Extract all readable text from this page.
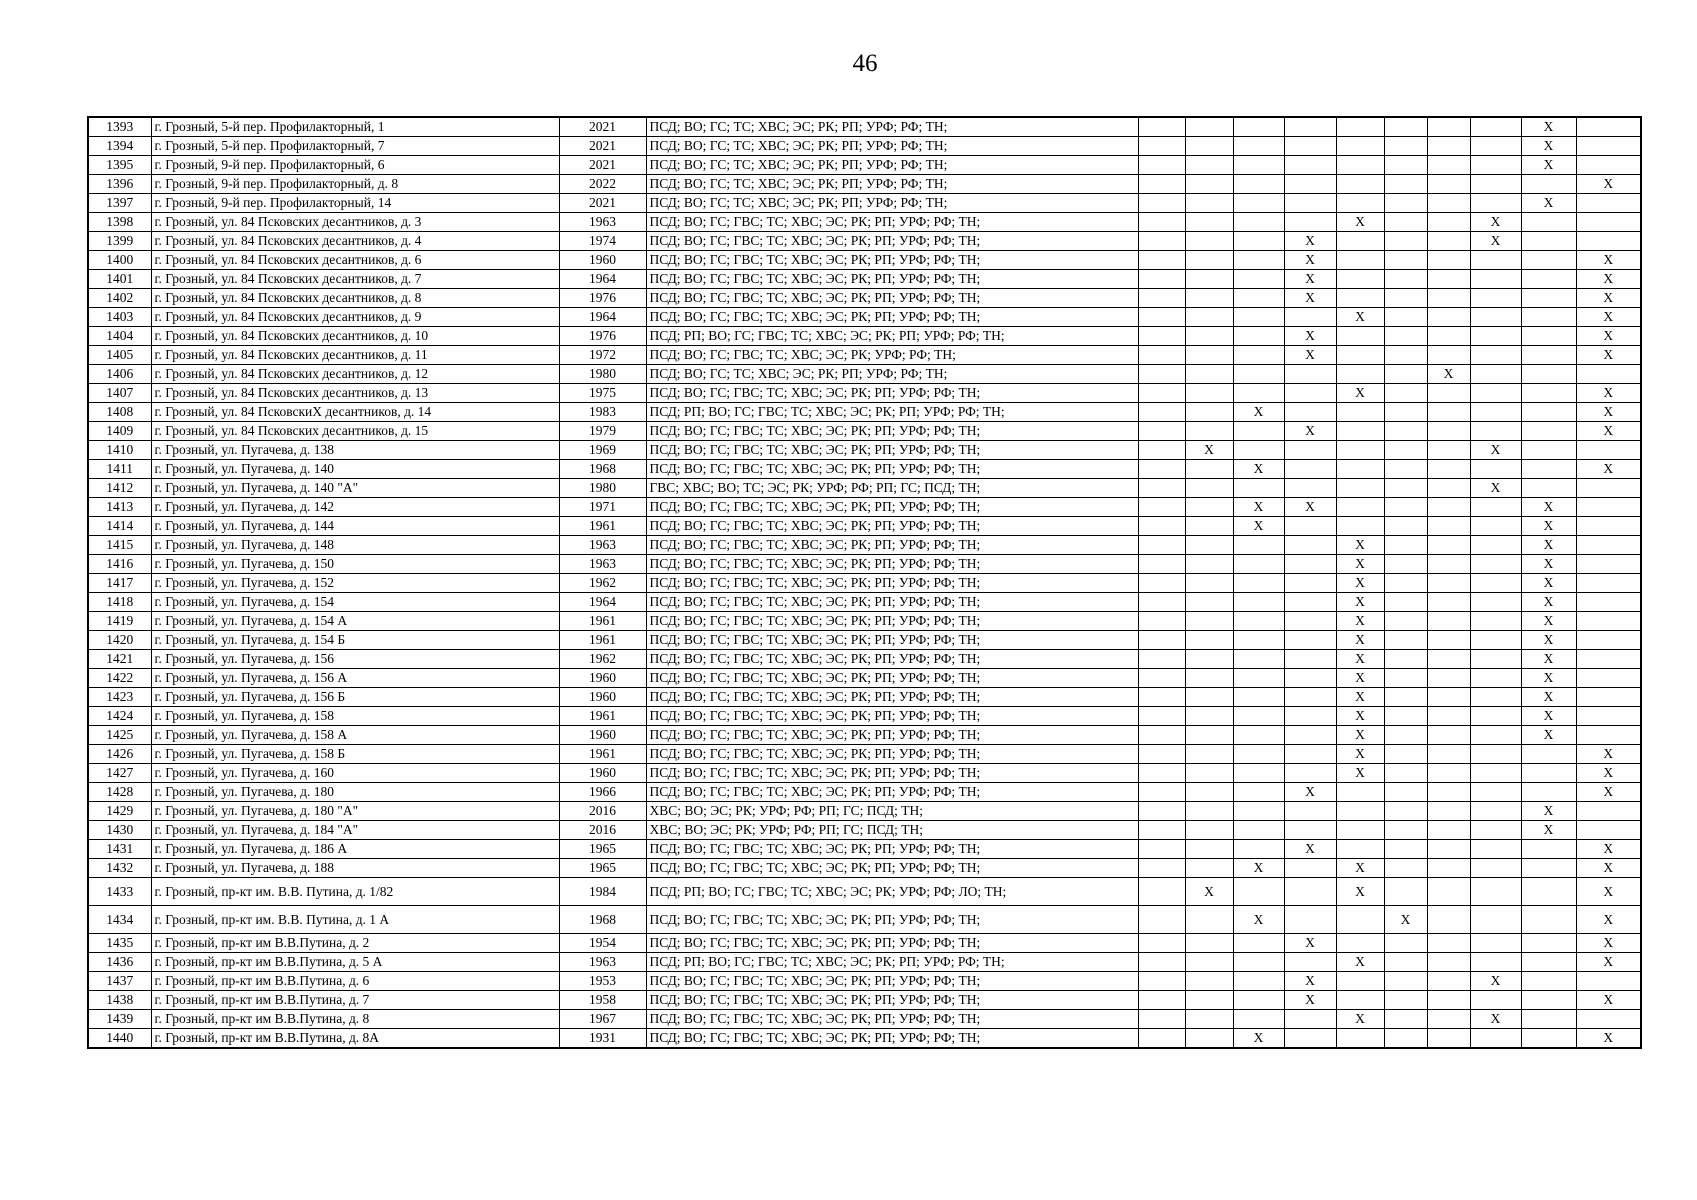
46
1393	г. Грозный, 5-й пер. Профилакторный, 1	2021	ПСД; ВО; ГС; ТС; ХВС; ЭС; РК; РП; УРФ; РФ; ТН;									X	
1394	г. Грозный, 5-й пер. Профилакторный, 7	2021	ПСД; ВО; ГС; ТС; ХВС; ЭС; РК; РП; УРФ; РФ; ТН;									X	
1395	г. Грозный, 9-й пер. Профилакторный, 6	2021	ПСД; ВО; ГС; ТС; ХВС; ЭС; РК; РП; УРФ; РФ; ТН;									X	
1396	г. Грозный, 9-й пер. Профилакторный, д. 8	2022	ПСД; ВО; ГС; ТС; ХВС; ЭС; РК; РП; УРФ; РФ; ТН;										X
1397	г. Грозный, 9-й пер. Профилакторный, 14	2021	ПСД; ВО; ГС; ТС; ХВС; ЭС; РК; РП; УРФ; РФ; ТН;									X	
1398	г. Грозный, ул. 84 Псковских десантников, д. 3	1963	ПСД; ВО; ГС; ГВС; ТС; ХВС; ЭС; РК; РП; УРФ; РФ; ТН;					X			X		
1399	г. Грозный, ул. 84 Псковских десантников, д. 4	1974	ПСД; ВО; ГС; ГВС; ТС; ХВС; ЭС; РК; РП; УРФ; РФ; ТН;				X				X		
1400	г. Грозный, ул. 84 Псковских десантников, д. 6	1960	ПСД; ВО; ГС; ГВС; ТС; ХВС; ЭС; РК; РП; УРФ; РФ; ТН;				X						X
1401	г. Грозный, ул. 84 Псковских десантников, д. 7	1964	ПСД; ВО; ГС; ГВС; ТС; ХВС; ЭС; РК; РП; УРФ; РФ; ТН;				X						X
1402	г. Грозный, ул. 84 Псковских десантников, д. 8	1976	ПСД; ВО; ГС; ГВС; ТС; ХВС; ЭС; РК; РП; УРФ; РФ; ТН;				X						X
1403	г. Грозный, ул. 84 Псковских десантников, д. 9	1964	ПСД; ВО; ГС; ГВС; ТС; ХВС; ЭС; РК; РП; УРФ; РФ; ТН;					X					X
1404	г. Грозный, ул. 84 Псковских десантников, д. 10	1976	ПСД; РП; ВО; ГС; ГВС; ТС; ХВС; ЭС; РК; РП; УРФ; РФ; ТН;				X						X
1405	г. Грозный, ул. 84 Псковских десантников, д. 11	1972	ПСД; ВО; ГС; ГВС; ТС; ХВС; ЭС; РК; УРФ; РФ; ТН;				X						X
1406	г. Грозный, ул. 84 Псковских десантников, д. 12	1980	ПСД; ВО; ГС; ТС; ХВС; ЭС; РК; РП; УРФ; РФ; ТН;							X			
1407	г. Грозный, ул. 84 Псковских десантников, д. 13	1975	ПСД; ВО; ГС; ГВС; ТС; ХВС; ЭС; РК; РП; УРФ; РФ; ТН;					X					X
1408	г. Грозный, ул. 84 ПсковскиХ десантников, д. 14	1983	ПСД; РП; ВО; ГС; ГВС; ТС; ХВС; ЭС; РК; РП; УРФ; РФ; ТН;			X							X
1409	г. Грозный, ул. 84 Псковских десантников, д. 15	1979	ПСД; ВО; ГС; ГВС; ТС; ХВС; ЭС; РК; РП; УРФ; РФ; ТН;				X						X
1410	г. Грозный, ул. Пугачева, д. 138	1969	ПСД; ВО; ГС; ГВС; ТС; ХВС; ЭС; РК; РП; УРФ; РФ; ТН;		X						X		
1411	г. Грозный, ул. Пугачева, д. 140	1968	ПСД; ВО; ГС; ГВС; ТС; ХВС; ЭС; РК; РП; УРФ; РФ; ТН;			X							X
1412	г. Грозный, ул. Пугачева, д. 140 "А"	1980	ГВС; ХВС; ВО; ТС; ЭС; РК; УРФ; РФ; РП; ГС; ПСД; ТН;								X		
1413	г. Грозный, ул. Пугачева, д. 142	1971	ПСД; ВО; ГС; ГВС; ТС; ХВС; ЭС; РК; РП; УРФ; РФ; ТН;			X	X					X	
1414	г. Грозный, ул. Пугачева, д. 144	1961	ПСД; ВО; ГС; ГВС; ТС; ХВС; ЭС; РК; РП; УРФ; РФ; ТН;			X						X	
1415	г. Грозный, ул. Пугачева, д. 148	1963	ПСД; ВО; ГС; ГВС; ТС; ХВС; ЭС; РК; РП; УРФ; РФ; ТН;					X				X	
1416	г. Грозный, ул. Пугачева, д. 150	1963	ПСД; ВО; ГС; ГВС; ТС; ХВС; ЭС; РК; РП; УРФ; РФ; ТН;					X				X	
1417	г. Грозный, ул. Пугачева, д. 152	1962	ПСД; ВО; ГС; ГВС; ТС; ХВС; ЭС; РК; РП; УРФ; РФ; ТН;					X				X	
1418	г. Грозный, ул. Пугачева, д. 154	1964	ПСД; ВО; ГС; ГВС; ТС; ХВС; ЭС; РК; РП; УРФ; РФ; ТН;					X				X	
1419	г. Грозный, ул. Пугачева, д. 154 А	1961	ПСД; ВО; ГС; ГВС; ТС; ХВС; ЭС; РК; РП; УРФ; РФ; ТН;					X				X	
1420	г. Грозный, ул. Пугачева, д. 154 Б	1961	ПСД; ВО; ГС; ГВС; ТС; ХВС; ЭС; РК; РП; УРФ; РФ; ТН;					X				X	
1421	г. Грозный, ул. Пугачева, д. 156	1962	ПСД; ВО; ГС; ГВС; ТС; ХВС; ЭС; РК; РП; УРФ; РФ; ТН;					X				X	
1422	г. Грозный, ул. Пугачева, д. 156 А	1960	ПСД; ВО; ГС; ГВС; ТС; ХВС; ЭС; РК; РП; УРФ; РФ; ТН;					X				X	
1423	г. Грозный, ул. Пугачева, д. 156 Б	1960	ПСД; ВО; ГС; ГВС; ТС; ХВС; ЭС; РК; РП; УРФ; РФ; ТН;					X				X	
1424	г. Грозный, ул. Пугачева, д. 158	1961	ПСД; ВО; ГС; ГВС; ТС; ХВС; ЭС; РК; РП; УРФ; РФ; ТН;					X				X	
1425	г. Грозный, ул. Пугачева, д. 158 А	1960	ПСД; ВО; ГС; ГВС; ТС; ХВС; ЭС; РК; РП; УРФ; РФ; ТН;					X				X	
1426	г. Грозный, ул. Пугачева, д. 158 Б	1961	ПСД; ВО; ГС; ГВС; ТС; ХВС; ЭС; РК; РП; УРФ; РФ; ТН;					X					X
1427	г. Грозный, ул. Пугачева, д. 160	1960	ПСД; ВО; ГС; ГВС; ТС; ХВС; ЭС; РК; РП; УРФ; РФ; ТН;					X					X
1428	г. Грозный, ул. Пугачева, д. 180	1966	ПСД; ВО; ГС; ГВС; ТС; ХВС; ЭС; РК; РП; УРФ; РФ; ТН;				X						X
1429	г. Грозный, ул. Пугачева, д. 180 "А"	2016	ХВС; ВО; ЭС; РК; УРФ; РФ; РП; ГС; ПСД; ТН;									X	
1430	г. Грозный, ул. Пугачева, д. 184 "А"	2016	ХВС; ВО; ЭС; РК; УРФ; РФ; РП; ГС; ПСД; ТН;									X	
1431	г. Грозный, ул. Пугачева, д. 186 А	1965	ПСД; ВО; ГС; ГВС; ТС; ХВС; ЭС; РК; РП; УРФ; РФ; ТН;				X						X
1432	г. Грозный, ул. Пугачева, д. 188	1965	ПСД; ВО; ГС; ГВС; ТС; ХВС; ЭС; РК; РП; УРФ; РФ; ТН;			X		X					X
1433	г. Грозный, пр-кт им. В.В. Путина, д. 1/82	1984	ПСД; РП; ВО; ГС; ГВС; ТС; ХВС; ЭС; РК; УРФ; РФ; ЛО; ТН;		X			X					X
1434	г. Грозный, пр-кт им. В.В. Путина, д. 1 А	1968	ПСД; ВО; ГС; ГВС; ТС; ХВС; ЭС; РК; РП; УРФ; РФ; ТН;			X			X				X
1435	г. Грозный, пр-кт им В.В.Путина, д. 2	1954	ПСД; ВО; ГС; ГВС; ТС; ХВС; ЭС; РК; РП; УРФ; РФ; ТН;				X						X
1436	г. Грозный, пр-кт им В.В.Путина, д. 5 А	1963	ПСД; РП; ВО; ГС; ГВС; ТС; ХВС; ЭС; РК; РП; УРФ; РФ; ТН;					X					X
1437	г. Грозный, пр-кт им В.В.Путина, д. 6	1953	ПСД; ВО; ГС; ГВС; ТС; ХВС; ЭС; РК; РП; УРФ; РФ; ТН;				X				X		
1438	г. Грозный, пр-кт им В.В.Путина, д. 7	1958	ПСД; ВО; ГС; ГВС; ТС; ХВС; ЭС; РК; РП; УРФ; РФ; ТН;				X						X
1439	г. Грозный, пр-кт им В.В.Путина, д. 8	1967	ПСД; ВО; ГС; ГВС; ТС; ХВС; ЭС; РК; РП; УРФ; РФ; ТН;					X			X		
1440	г. Грозный, пр-кт им В.В.Путина, д. 8А	1931	ПСД; ВО; ГС; ГВС; ТС; ХВС; ЭС; РК; РП; УРФ; РФ; ТН;			X							X
